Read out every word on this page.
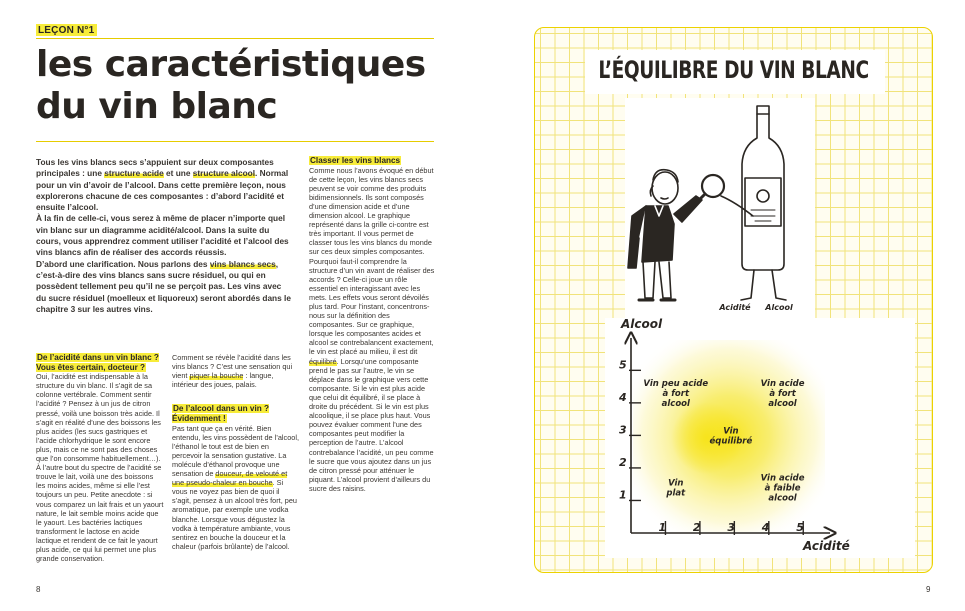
LEÇON N°1
les caractéristiques
du vin blanc

Tous les vins blancs secs s’appuient sur deux composantes principales : une structure acide et une structure alcool. Normal pour un vin d’avoir de l’alcool. Dans cette première leçon, nous explorerons chacune de ces composantes : d’abord l’acidité et ensuite l’alcool.

À la fin de celle-ci, vous serez à même de placer n’importe quel vin blanc sur un diagramme acidité/alcool. Dans la suite du cours, vous apprendrez comment utiliser l’acidité et l’alcool des vins blancs afin de réaliser des accords réussis.

D’abord une clarification. Nous parlons des vins blancs secs, c’est-à-dire des vins blancs sans sucre résiduel, ou qui en possèdent tellement peu qu’il ne se perçoit pas. Les vins avec du sucre résiduel (moelleux et liquoreux) seront abordés dans le chapitre 3 sur les autres vins.

Classer les vins blancs

Comme nous l’avons évoqué en début de cette leçon, les vins blancs secs peuvent se voir comme des produits bidimensionnels. Ils sont composés d’une dimension acide et d’une dimension alcool. Le graphique représenté dans la grille ci-contre est très important. Il vous permet de classer tous les vins blancs du monde sur ces deux simples composantes. Pourquoi faut-il comprendre la structure d’un vin avant de réaliser des accords ? Celle-ci joue un rôle essentiel en interagissant avec les mets. Les effets vous seront dévoilés plus tard. Pour l’instant, concentrons-nous sur la définition des composantes. Sur ce graphique, lorsque les composantes acides et alcool se contrebalancent exactement, le vin est placé au milieu, il est dit équilibré. Lorsqu’une composante prend le pas sur l’autre, le vin se déplace dans le graphique vers cette composante. Si le vin est plus acide que celui dit équilibré, il se place à droite du précédent. Si le vin est plus alcoolique, il se place plus haut. Vous pouvez évaluer comment l’une des composantes peut modifier la perception de l’autre. L’alcool contrebalance l’acidité, un peu comme le sucre que vous ajoutez dans un jus de citron pressé pour atténuer le piquant. L’alcool provient d’ailleurs du sucre des raisins.

De l’acidité dans un vin blanc ? Vous êtes certain, docteur ?

Oui, l’acidité est indispensable à la structure du vin blanc. Il s’agit de sa colonne vertébrale. Comment sentir l’acidité ? Pensez à un jus de citron pressé, voilà une boisson très acide. Il s’agit en réalité d’une des boissons les plus acides (les sucs gastriques et l’acide chlorhydrique le sont encore plus, mais ce ne sont pas des choses que l’on consomme habituellement…). À l’autre bout du spectre de l’acidité se trouve le lait, voilà une des boissons les moins acides, même si elle l’est toujours un peu. Petite anecdote : si vous comparez un lait frais et un yaourt nature, le lait semble moins acide que le yaourt. Les bactéries lactiques transforment le lactose en acide lactique et rendent de ce fait le yaourt plus acide, ce qui lui permet une plus grande conservation.

Comment se révèle l’acidité dans les vins blancs ? C’est une sensation qui vient piquer la bouche : langue, intérieur des joues, palais.

De l’alcool dans un vin ? Évidemment !

Pas tant que ça en vérité. Bien entendu, les vins possèdent de l’alcool, l’éthanol le tout est de bien en percevoir la sensation gustative. La molécule d’éthanol provoque une sensation de douceur, de velouté et une pseudo-chaleur en bouche. Si vous ne voyez pas bien de quoi il s’agit, pensez à un alcool très fort, peu aromatique, par exemple une vodka blanche. Lorsque vous dégustez la vodka à température ambiante, vous sentirez en bouche la douceur et la chaleur (parfois brûlante) de l’alcool.

8
L’ÉQUILIBRE DU VIN BLANC
Acidité Alcool
1 2 3 4 5
1
2
3
4
5
Vin peu acide à fort alcool
Vin acide à fort alcool
Vin équilibré
Vin plat
Vin acide à faible alcool
Alcool
Acidité
9
